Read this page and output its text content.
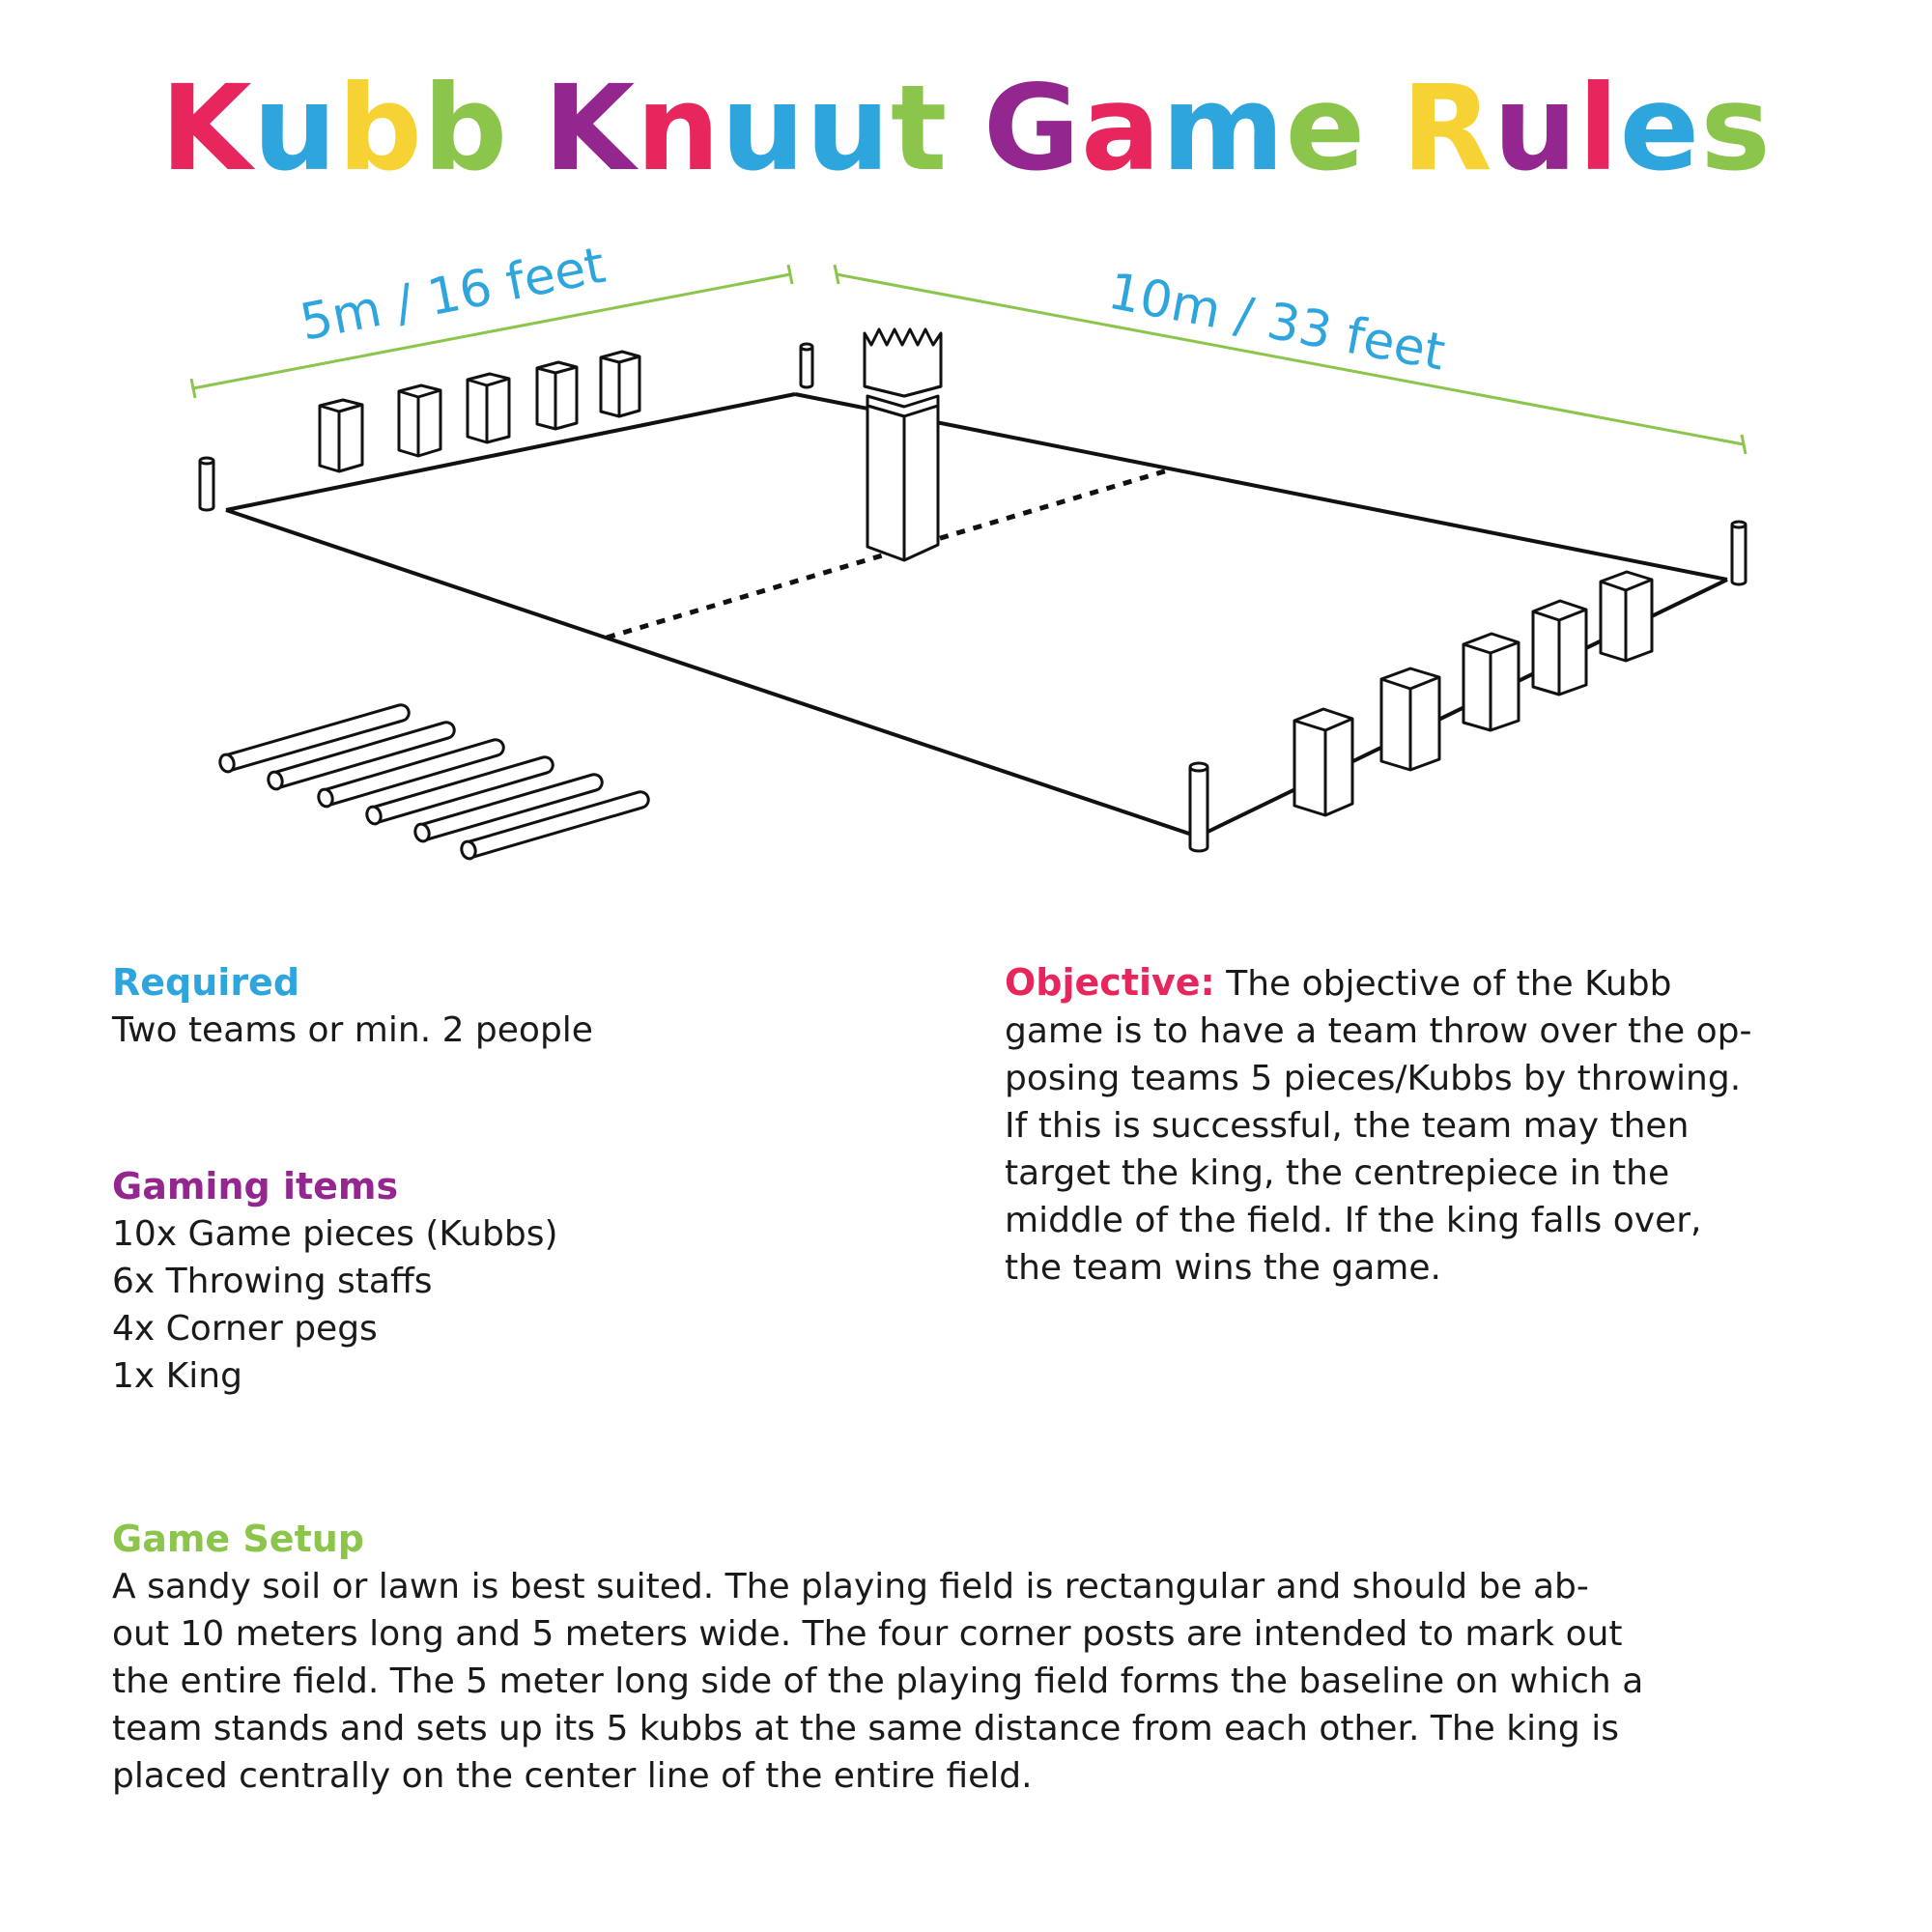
Kubb Knuut Game Rules
5m / 16 feet	10m / 33 feet
Required

Two teams or min. 2 people

Gaming items
10x Game pieces (Kubbs)
6x Throwing staffs
4x Corner pegs
1x King

Objective: The objective of the Kubb

game is to have a team throw over the op-

posing teams 5 pieces/Kubbs by throwing.

If this is successful, the team may then

target the king, the centrepiece in the

middle of the field. If the king falls over,

the team wins the game.

Game Setup

A sandy soil or lawn is best suited. The playing field is rectangular and should be ab-

out 10 meters long and 5 meters wide. The four corner posts are intended to mark out

the entire field. The 5 meter long side of the playing field forms the baseline on which a

team stands and sets up its 5 kubbs at the same distance from each other. The king is

placed centrally on the center line of the entire field.
